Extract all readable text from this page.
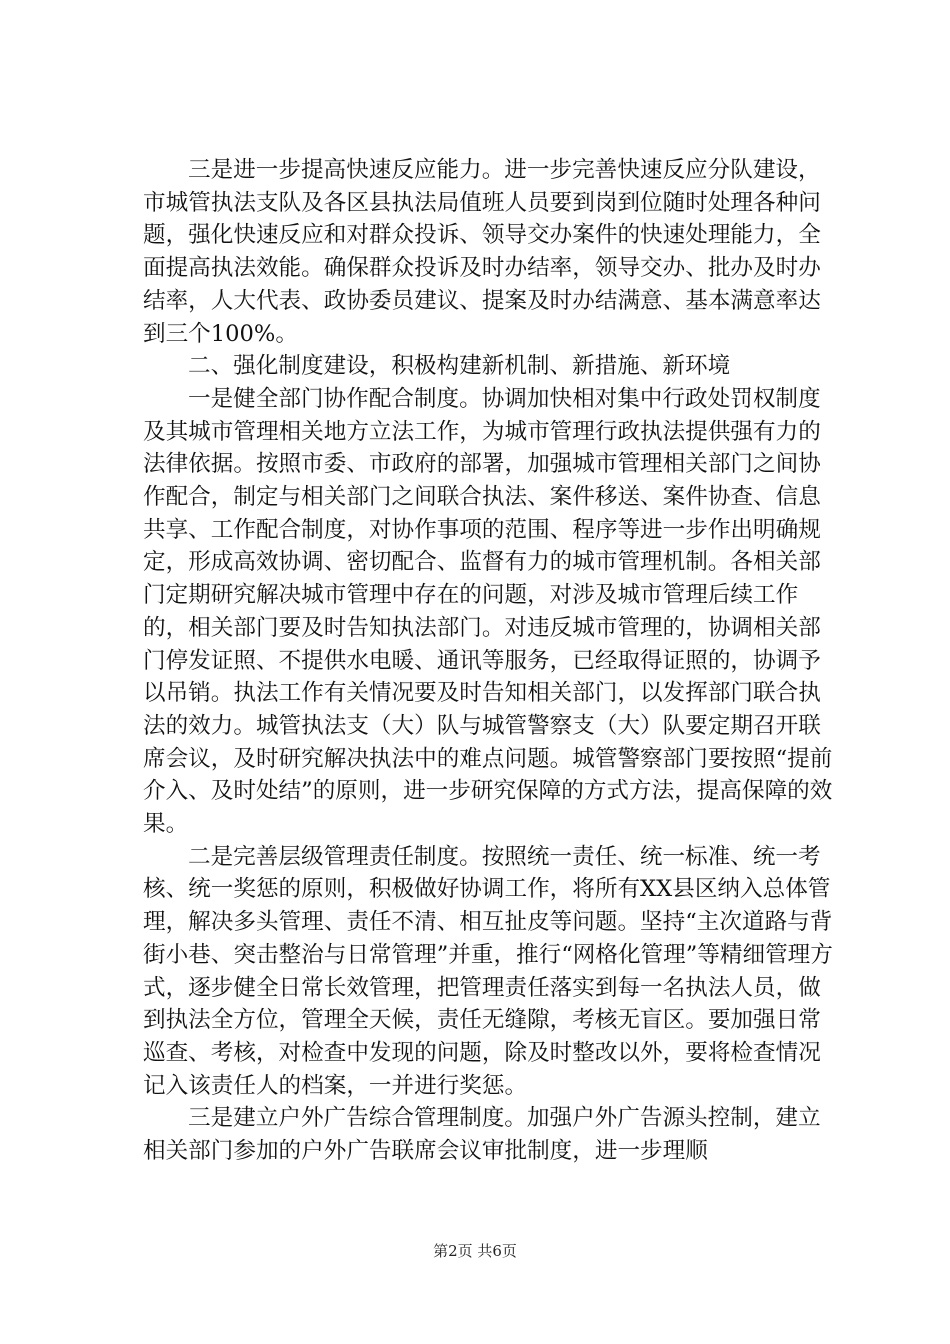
三是进一步提高快速反应能力。进一步完善快速反应分队建设，市城管执法支队及各区县执法局值班人员要到岗到位随时处理各种问题，强化快速反应和对群众投诉、领导交办案件的快速处理能力，全面提高执法效能。确保群众投诉及时办结率，领导交办、批办及时办结率，人大代表、政协委员建议、提案及时办结满意、基本满意率达到三个100%。

二、强化制度建设，积极构建新机制、新措施、新环境

一是健全部门协作配合制度。协调加快相对集中行政处罚权制度及其城市管理相关地方立法工作，为城市管理行政执法提供强有力的法律依据。按照市委、市政府的部署，加强城市管理相关部门之间协作配合，制定与相关部门之间联合执法、案件移送、案件协查、信息共享、工作配合制度，对协作事项的范围、程序等进一步作出明确规定，形成高效协调、密切配合、监督有力的城市管理机制。各相关部门定期研究解决城市管理中存在的问题，对涉及城市管理后续工作的，相关部门要及时告知执法部门。对违反城市管理的，协调相关部门停发证照、不提供水电暖、通讯等服务，已经取得证照的，协调予以吊销。执法工作有关情况要及时告知相关部门，以发挥部门联合执法的效力。城管执法支（大）队与城管警察支（大）队要定期召开联席会议，及时研究解决执法中的难点问题。城管警察部门要按照“提前介入、及时处结”的原则，进一步研究保障的方式方法，提高保障的效果。

二是完善层级管理责任制度。按照统一责任、统一标准、统一考核、统一奖惩的原则，积极做好协调工作，将所有XX县区纳入总体管理，解决多头管理、责任不清、相互扯皮等问题。坚持“主次道路与背街小巷、突击整治与日常管理”并重，推行“网格化管理”等精细管理方式，逐步健全日常长效管理，把管理责任落实到每一名执法人员，做到执法全方位，管理全天候，责任无缝隙，考核无盲区。要加强日常巡查、考核，对检查中发现的问题，除及时整改以外，要将检查情况记入该责任人的档案，一并进行奖惩。

三是建立户外广告综合管理制度。加强户外广告源头控制，建立相关部门参加的户外广告联席会议审批制度，进一步理顺

第2页 共6页
